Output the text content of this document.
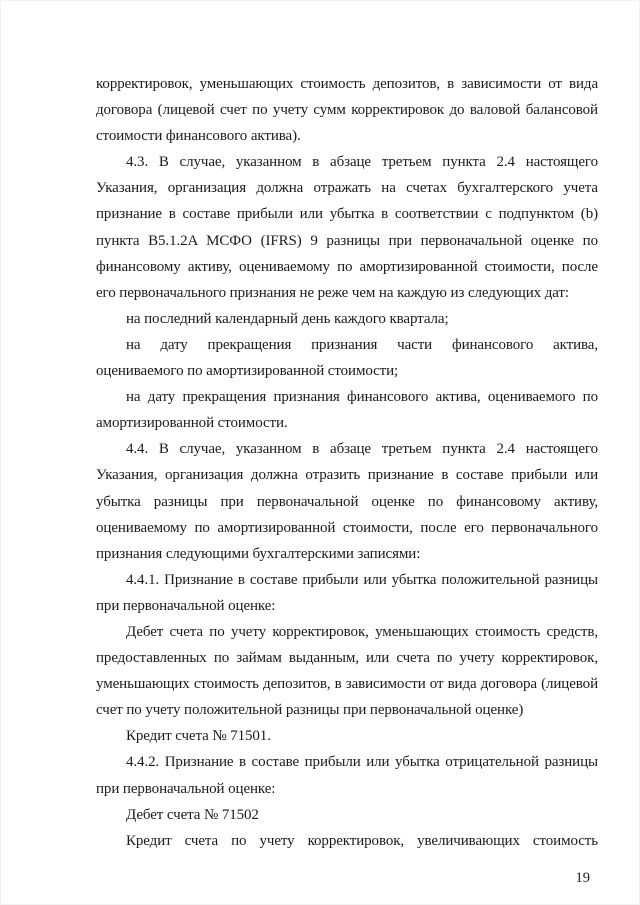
корректировок, уменьшающих стоимость депозитов, в зависимости от вида
договора (лицевой счет по учету сумм корректировок до валовой балансовой
стоимости финансового актива).
4.3. В случае, указанном в абзаце третьем пункта 2.4 настоящего
Указания, организация должна отражать на счетах бухгалтерского учета
признание в составе прибыли или убытка в соответствии с подпунктом (b)
пункта B5.1.2A МСФО (IFRS) 9 разницы при первоначальной оценке по
финансовому активу, оцениваемому по амортизированной стоимости, после
его первоначального признания не реже чем на каждую из следующих дат:
на последний календарный день каждого квартала;
на дату прекращения признания части финансового актива,
оцениваемого по амортизированной стоимости;
на дату прекращения признания финансового актива, оцениваемого по
амортизированной стоимости.
4.4. В случае, указанном в абзаце третьем пункта 2.4 настоящего
Указания, организация должна отразить признание в составе прибыли или
убытка разницы при первоначальной оценке по финансовому активу,
оцениваемому по амортизированной стоимости, после его первоначального
признания следующими бухгалтерскими записями:
4.4.1. Признание в составе прибыли или убытка положительной разницы
при первоначальной оценке:
Дебет счета по учету корректировок, уменьшающих стоимость средств,
предоставленных по займам выданным, или счета по учету корректировок,
уменьшающих стоимость депозитов, в зависимости от вида договора (лицевой
счет по учету положительной разницы при первоначальной оценке)
Кредит счета № 71501.
4.4.2. Признание в составе прибыли или убытка отрицательной разницы
при первоначальной оценке:
Дебет счета № 71502
Кредит счета по учету корректировок, увеличивающих стоимость
19
